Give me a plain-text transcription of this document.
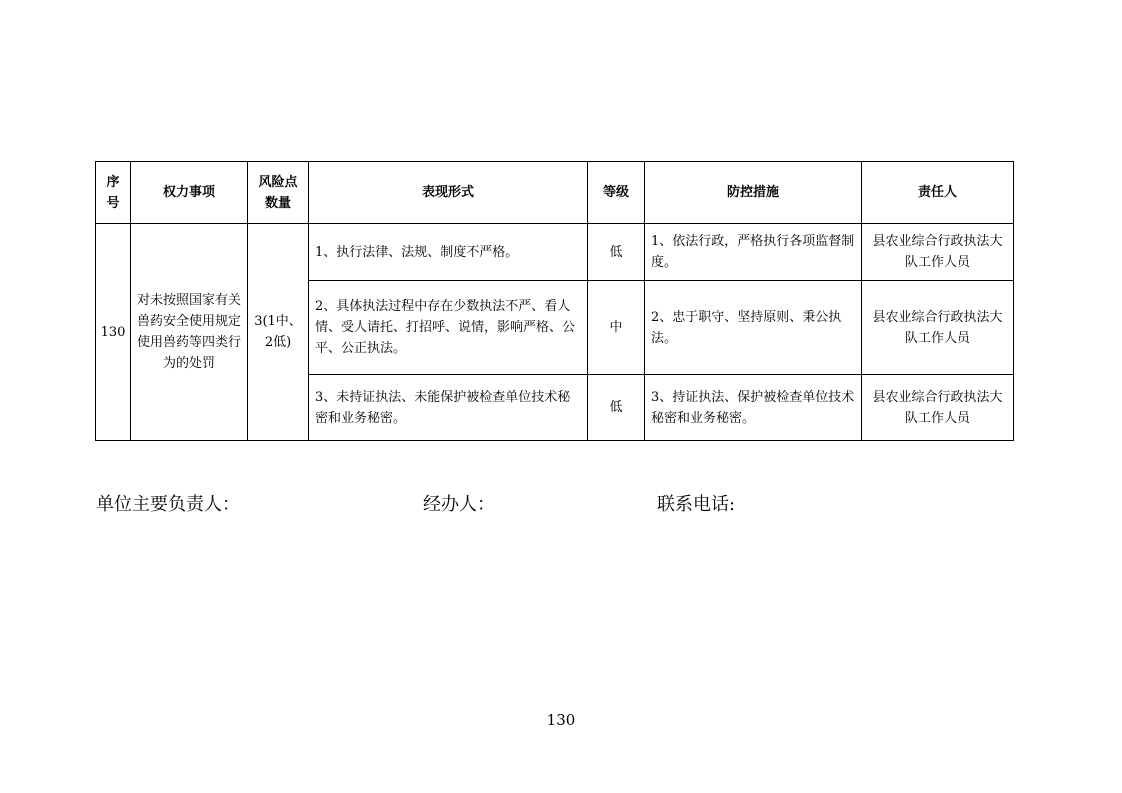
序号	权力事项	风险点数量	表现形式	等级	防控措施	责任人
130	对未按照国家有关兽药安全使用规定使用兽药等四类行为的处罚	3(1中、2低)	1、执行法律、法规、制度不严格。	低	1、依法行政，严格执行各项监督制度。	县农业综合行政执法大队工作人员
			2、具体执法过程中存在少数执法不严、看人情、受人请托、打招呼、说情，影响严格、公平、公正执法。	中	2、忠于职守、坚持原则、秉公执法。	县农业综合行政执法大队工作人员
			3、未持证执法、未能保护被检查单位技术秘密和业务秘密。	低	3、持证执法、保护被检查单位技术秘密和业务秘密。	县农业综合行政执法大队工作人员
单位主要负责人：	经办人：	联系电话:
130
